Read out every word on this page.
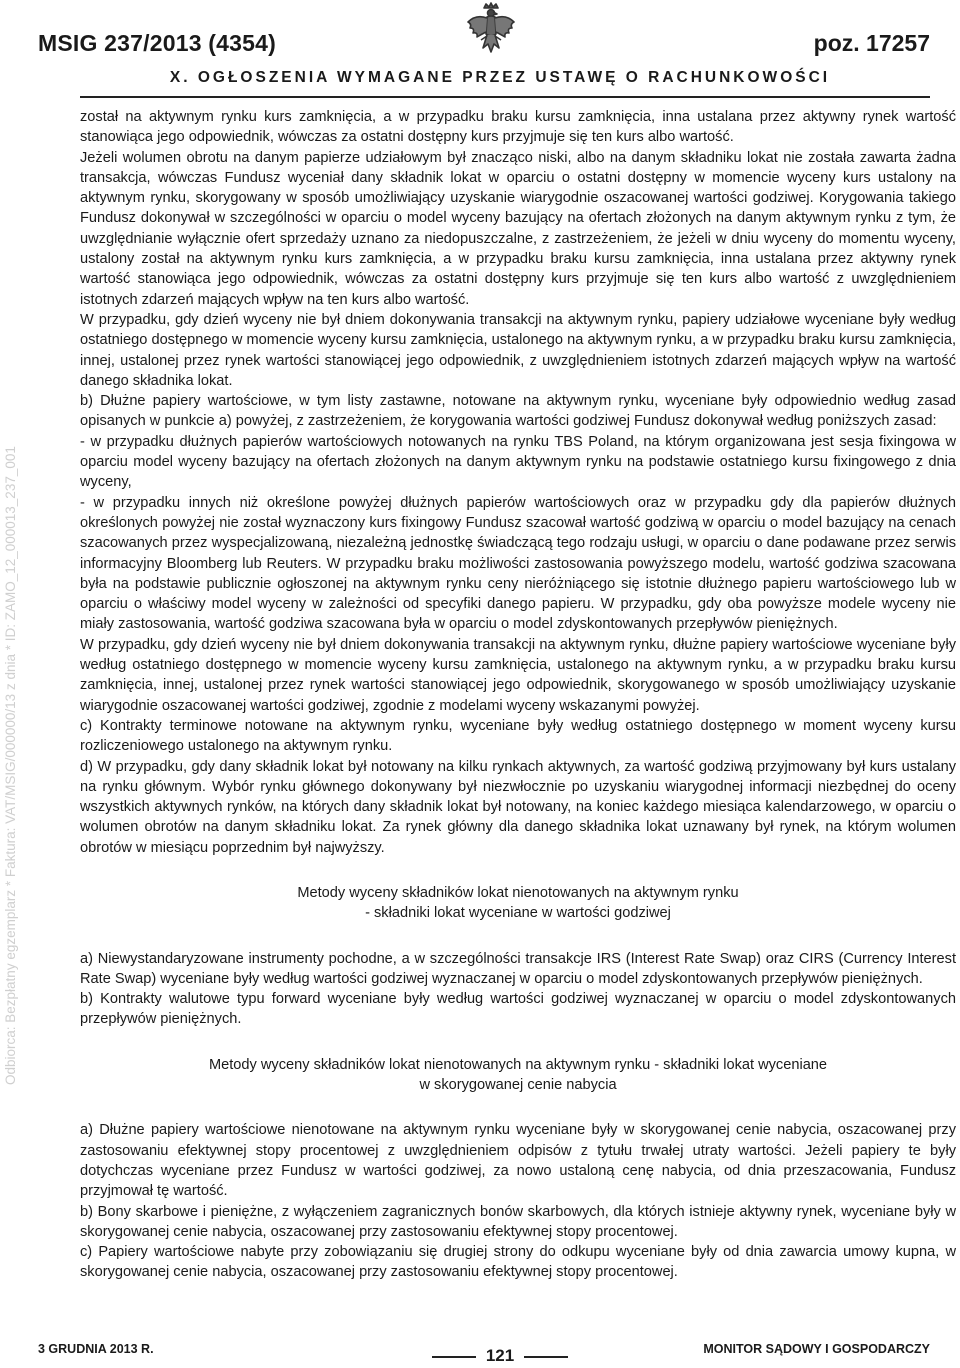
MSIG 237/2013 (4354)	poz. 17257
X. OGŁOSZENIA WYMAGANE PRZEZ USTAWĘ O RACHUNKOWOŚCI
Odbiorca: Bezpłatny egzemplarz * Faktura: VAT/MSIG/000000/13 z dnia * ID: ZAMO_12_000013_237_001

został na aktywnym rynku kurs zamknięcia, a w przypadku braku kursu zamknięcia, inna ustalana przez aktywny rynek wartość stanowiąca jego odpowiednik, wówczas za ostatni dostępny kurs przyjmuje się ten kurs albo wartość.

Jeżeli wolumen obrotu na danym papierze udziałowym był znacząco niski, albo na danym składniku lokat nie została zawarta żadna transakcja, wówczas Fundusz wyceniał dany składnik lokat w oparciu o ostatni dostępny w momencie wyceny kurs ustalony na aktywnym rynku, skorygowany w sposób umożliwiający uzyskanie wiarygodnie oszacowanej wartości godziwej. Korygowania takiego Fundusz dokonywał w szczególności w oparciu o model wyceny bazujący na ofertach złożonych na danym aktywnym rynku z tym, że uwzględnianie wyłącznie ofert sprzedaży uznano za niedopuszczalne, z zastrzeżeniem, że jeżeli w dniu wyceny do momentu wyceny, ustalony został na aktywnym rynku kurs zamknięcia, a w przypadku braku kursu zamknięcia, inna ustalana przez aktywny rynek wartość stanowiąca jego odpowiednik, wówczas za ostatni dostępny kurs przyjmuje się ten kurs albo wartość z uwzględnieniem istotnych zdarzeń mających wpływ na ten kurs albo wartość.

W przypadku, gdy dzień wyceny nie był dniem dokonywania transakcji na aktywnym rynku, papiery udziałowe wyceniane były według ostatniego dostępnego w momencie wyceny kursu zamknięcia, ustalonego na aktywnym rynku, a w przypadku braku kursu zamknięcia, innej, ustalonej przez rynek wartości stanowiącej jego odpowiednik, z uwzględnieniem istotnych zdarzeń mających wpływ na wartość danego składnika lokat.

b) Dłużne papiery wartościowe, w tym listy zastawne, notowane na aktywnym rynku, wyceniane były odpowiednio według zasad opisanych w punkcie a) powyżej, z zastrzeżeniem, że korygowania wartości godziwej Fundusz dokonywał według poniższych zasad:

- w przypadku dłużnych papierów wartościowych notowanych na rynku TBS Poland, na którym organizowana jest sesja fixingowa w oparciu model wyceny bazujący na ofertach złożonych na danym aktywnym rynku na podstawie ostatniego kursu fixingowego z dnia wyceny,

- w przypadku innych niż określone powyżej dłużnych papierów wartościowych oraz w przypadku gdy dla papierów dłużnych określonych powyżej nie został wyznaczony kurs fixingowy Fundusz szacował wartość godziwą w oparciu o model bazujący na cenach szacowanych przez wyspecjalizowaną, niezależną jednostkę świadczącą tego rodzaju usługi, w oparciu o dane podawane przez serwis informacyjny Bloomberg lub Reuters. W przypadku braku możliwości zastosowania powyższego modelu, wartość godziwa szacowana była na podstawie publicznie ogłoszonej na aktywnym rynku ceny nieróżniącego się istotnie dłużnego papieru wartościowego lub w oparciu o właściwy model wyceny w zależności od specyfiki danego papieru. W przypadku, gdy oba powyższe modele wyceny nie miały zastosowania, wartość godziwa szacowana była w oparciu o model zdyskontowanych przepływów pieniężnych.

W przypadku, gdy dzień wyceny nie był dniem dokonywania transakcji na aktywnym rynku, dłużne papiery wartościowe wyceniane były według ostatniego dostępnego w momencie wyceny kursu zamknięcia, ustalonego na aktywnym rynku, a w przypadku braku kursu zamknięcia, innej, ustalonej przez rynek wartości stanowiącej jego odpowiednik, skorygowanego w sposób umożliwiający uzyskanie wiarygodnie oszacowanej wartości godziwej, zgodnie z modelami wyceny wskazanymi powyżej.

c) Kontrakty terminowe notowane na aktywnym rynku, wyceniane były według ostatniego dostępnego w moment wyceny kursu rozliczeniowego ustalonego na aktywnym rynku.

d) W przypadku, gdy dany składnik lokat był notowany na kilku rynkach aktywnych, za wartość godziwą przyjmowany był kurs ustalany na rynku głównym. Wybór rynku głównego dokonywany był niezwłocznie po uzyskaniu wiarygodnej informacji niezbędnej do oceny wszystkich aktywnych rynków, na których dany składnik lokat był notowany, na koniec każdego miesiąca kalendarzowego, w oparciu o wolumen obrotów na danym składniku lokat. Za rynek główny dla danego składnika lokat uznawany był rynek, na którym wolumen obrotów w miesiącu poprzednim był najwyższy.

Metody wyceny składników lokat nienotowanych na aktywnym rynku

- składniki lokat wyceniane w wartości godziwej

a) Niewystandaryzowane instrumenty pochodne, a w szczególności transakcje IRS (Interest Rate Swap) oraz CIRS (Currency Interest Rate Swap) wyceniane były według wartości godziwej wyznaczanej w oparciu o model zdyskontowanych przepływów pieniężnych.

b) Kontrakty walutowe typu forward wyceniane były według wartości godziwej wyznaczanej w oparciu o model zdyskontowanych przepływów pieniężnych.

Metody wyceny składników lokat nienotowanych na aktywnym rynku - składniki lokat wyceniane

w skorygowanej cenie nabycia

a) Dłużne papiery wartościowe nienotowane na aktywnym rynku wyceniane były w skorygowanej cenie nabycia, oszacowanej przy zastosowaniu efektywnej stopy procentowej z uwzględnieniem odpisów z tytułu trwałej utraty wartości. Jeżeli papiery te były dotychczas wyceniane przez Fundusz w wartości godziwej, za nowo ustaloną cenę nabycia, od dnia przeszacowania, Fundusz przyjmował tę wartość.

b) Bony skarbowe i pieniężne, z wyłączeniem zagranicznych bonów skarbowych, dla których istnieje aktywny rynek, wyceniane były w skorygowanej cenie nabycia, oszacowanej przy zastosowaniu efektywnej stopy procentowej.

c) Papiery wartościowe nabyte przy zobowiązaniu się drugiej strony do odkupu wyceniane były od dnia zawarcia umowy kupna, w skorygowanej cenie nabycia, oszacowanej przy zastosowaniu efektywnej stopy procentowej.

3 GRUDNIA 2013 R.	121	MONITOR SĄDOWY I GOSPODARCZY
